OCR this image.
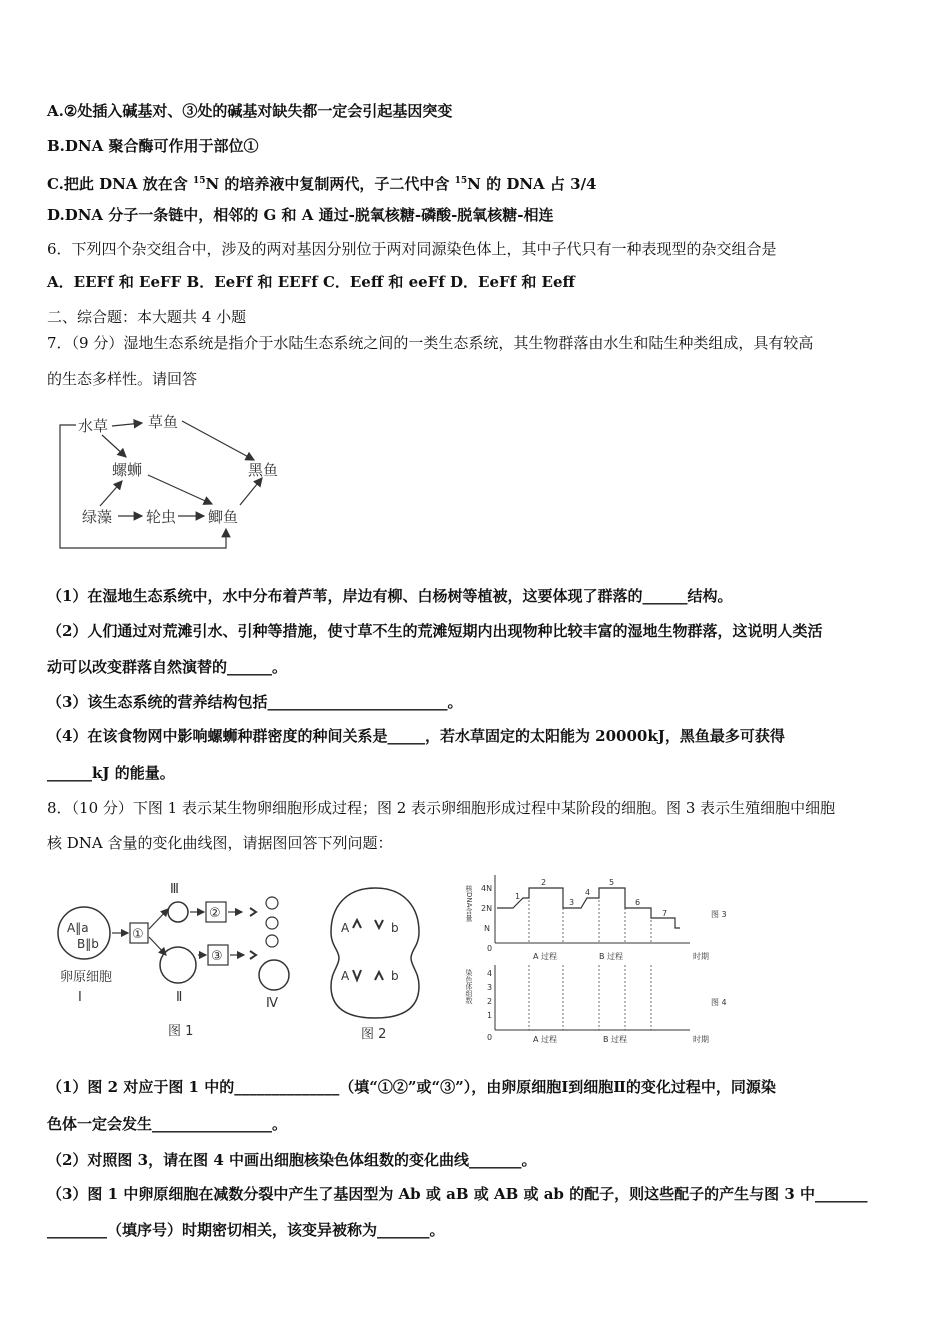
A.②处插入碱基对、③处的碱基对缺失都一定会引起基因突变
B.DNA 聚合酶可作用于部位①
C.把此 DNA 放在含 $^{15}$N 的培养液中复制两代，子二代中含 $^{15}$N 的 DNA 占 3/4
D.DNA 分子一条链中，相邻的 G 和 A 通过-脱氧核糖-磷酸-脱氧核糖-相连
6．下列四个杂交组合中，涉及的两对基因分别位于两对同源染色体上，其中子代只有一种表现型的杂交组合是
A．EEFf 和 EeFF B．EeFf 和 EEFf C．Eeff 和 eeFf D．EeFf 和 Eeff
二、综合题：本大题共 4 小题
7．（9 分）湿地生态系统是指介于水陆生态系统之间的一类生态系统，其生物群落由水生和陆生种类组成，具有较高
的生态多样性。请回答
水草	草鱼
螺蛳	黑鱼
绿藻 轮虫 鲫鱼
（1）在湿地生态系统中，水中分布着芦苇，岸边有柳、白杨树等植被，这要体现了群落的______结构。
（2）人们通过对荒滩引水、引种等措施，使寸草不生的荒滩短期内出现物种比较丰富的湿地生物群落，这说明人类活
动可以改变群落自然演替的______。
（3）该生态系统的营养结构包括________________________。
（4）在该食物网中影响螺蛳种群密度的种间关系是_____，若水草固定的太阳能为 20000kJ，黑鱼最多可获得
______kJ 的能量。
8．（10 分）下图 1 表示某生物卵细胞形成过程；图 2 表示卵细胞形成过程中某阶段的细胞。图 3 表示生殖细胞中细胞
核 DNA 含量的变化曲线图，请据图回答下列问题：
A‖a
B‖b
卵原细胞
Ⅰ
①
Ⅲ
②
Ⅱ
③
Ⅳ
图 1
A	b
A	b
图 2
核DNA含量 4N
2N
N
0
1
2
3
4
5
6
7
A 过程	B 过程	时期
图 3
染色体组数 4
3
2
1
0	A 过程	B 过程	时期
图 4
（1）图 2 对应于图 1 中的______________（填“①②”或“③”），由卵原细胞Ⅰ到细胞Ⅱ的变化过程中，同源染
色体一定会发生________________。
（2）对照图 3，请在图 4 中画出细胞核染色体组数的变化曲线_______。
（3）图 1 中卵原细胞在减数分裂中产生了基因型为 Ab 或 aB 或 AB 或 ab 的配子，则这些配子的产生与图 3 中_______
________（填序号）时期密切相关，该变异被称为_______。
